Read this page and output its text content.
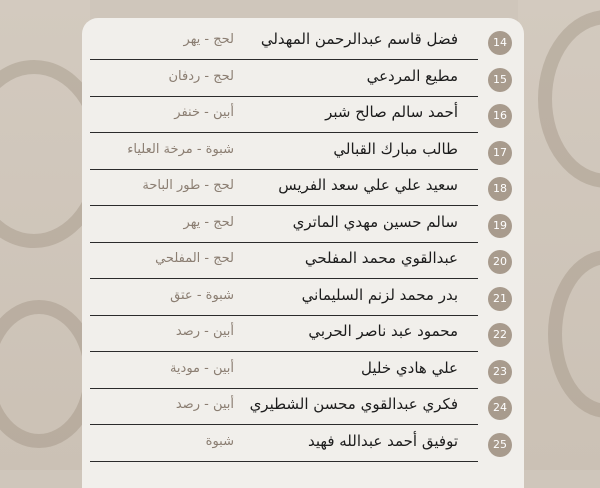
14
فضل قاسم عبدالرحمن المهدلي
لحج - يهر
15
مطيع المردعي
لحج - ردفان
16
أحمد سالم صالح شبر
أبين - خنفر
17
طالب مبارك القبالي
شبوة - مرخة العلياء
18
سعيد علي علي سعد الفريس
لحج - طور الباحة
19
سالم حسين مهدي الماتري
لحج - يهر
20
عبدالقوي محمد المفلحي
لحج - المفلحي
21
بدر محمد لزنم السليماني
شبوة - عتق
22
محمود عبد ناصر الحربي
أبين - رصد
23
علي هادي خليل
أبين - مودية
24
فكري عبدالقوي محسن الشطيري
أبين - رصد
25
توفيق أحمد عبدالله فهيد
شبوة
